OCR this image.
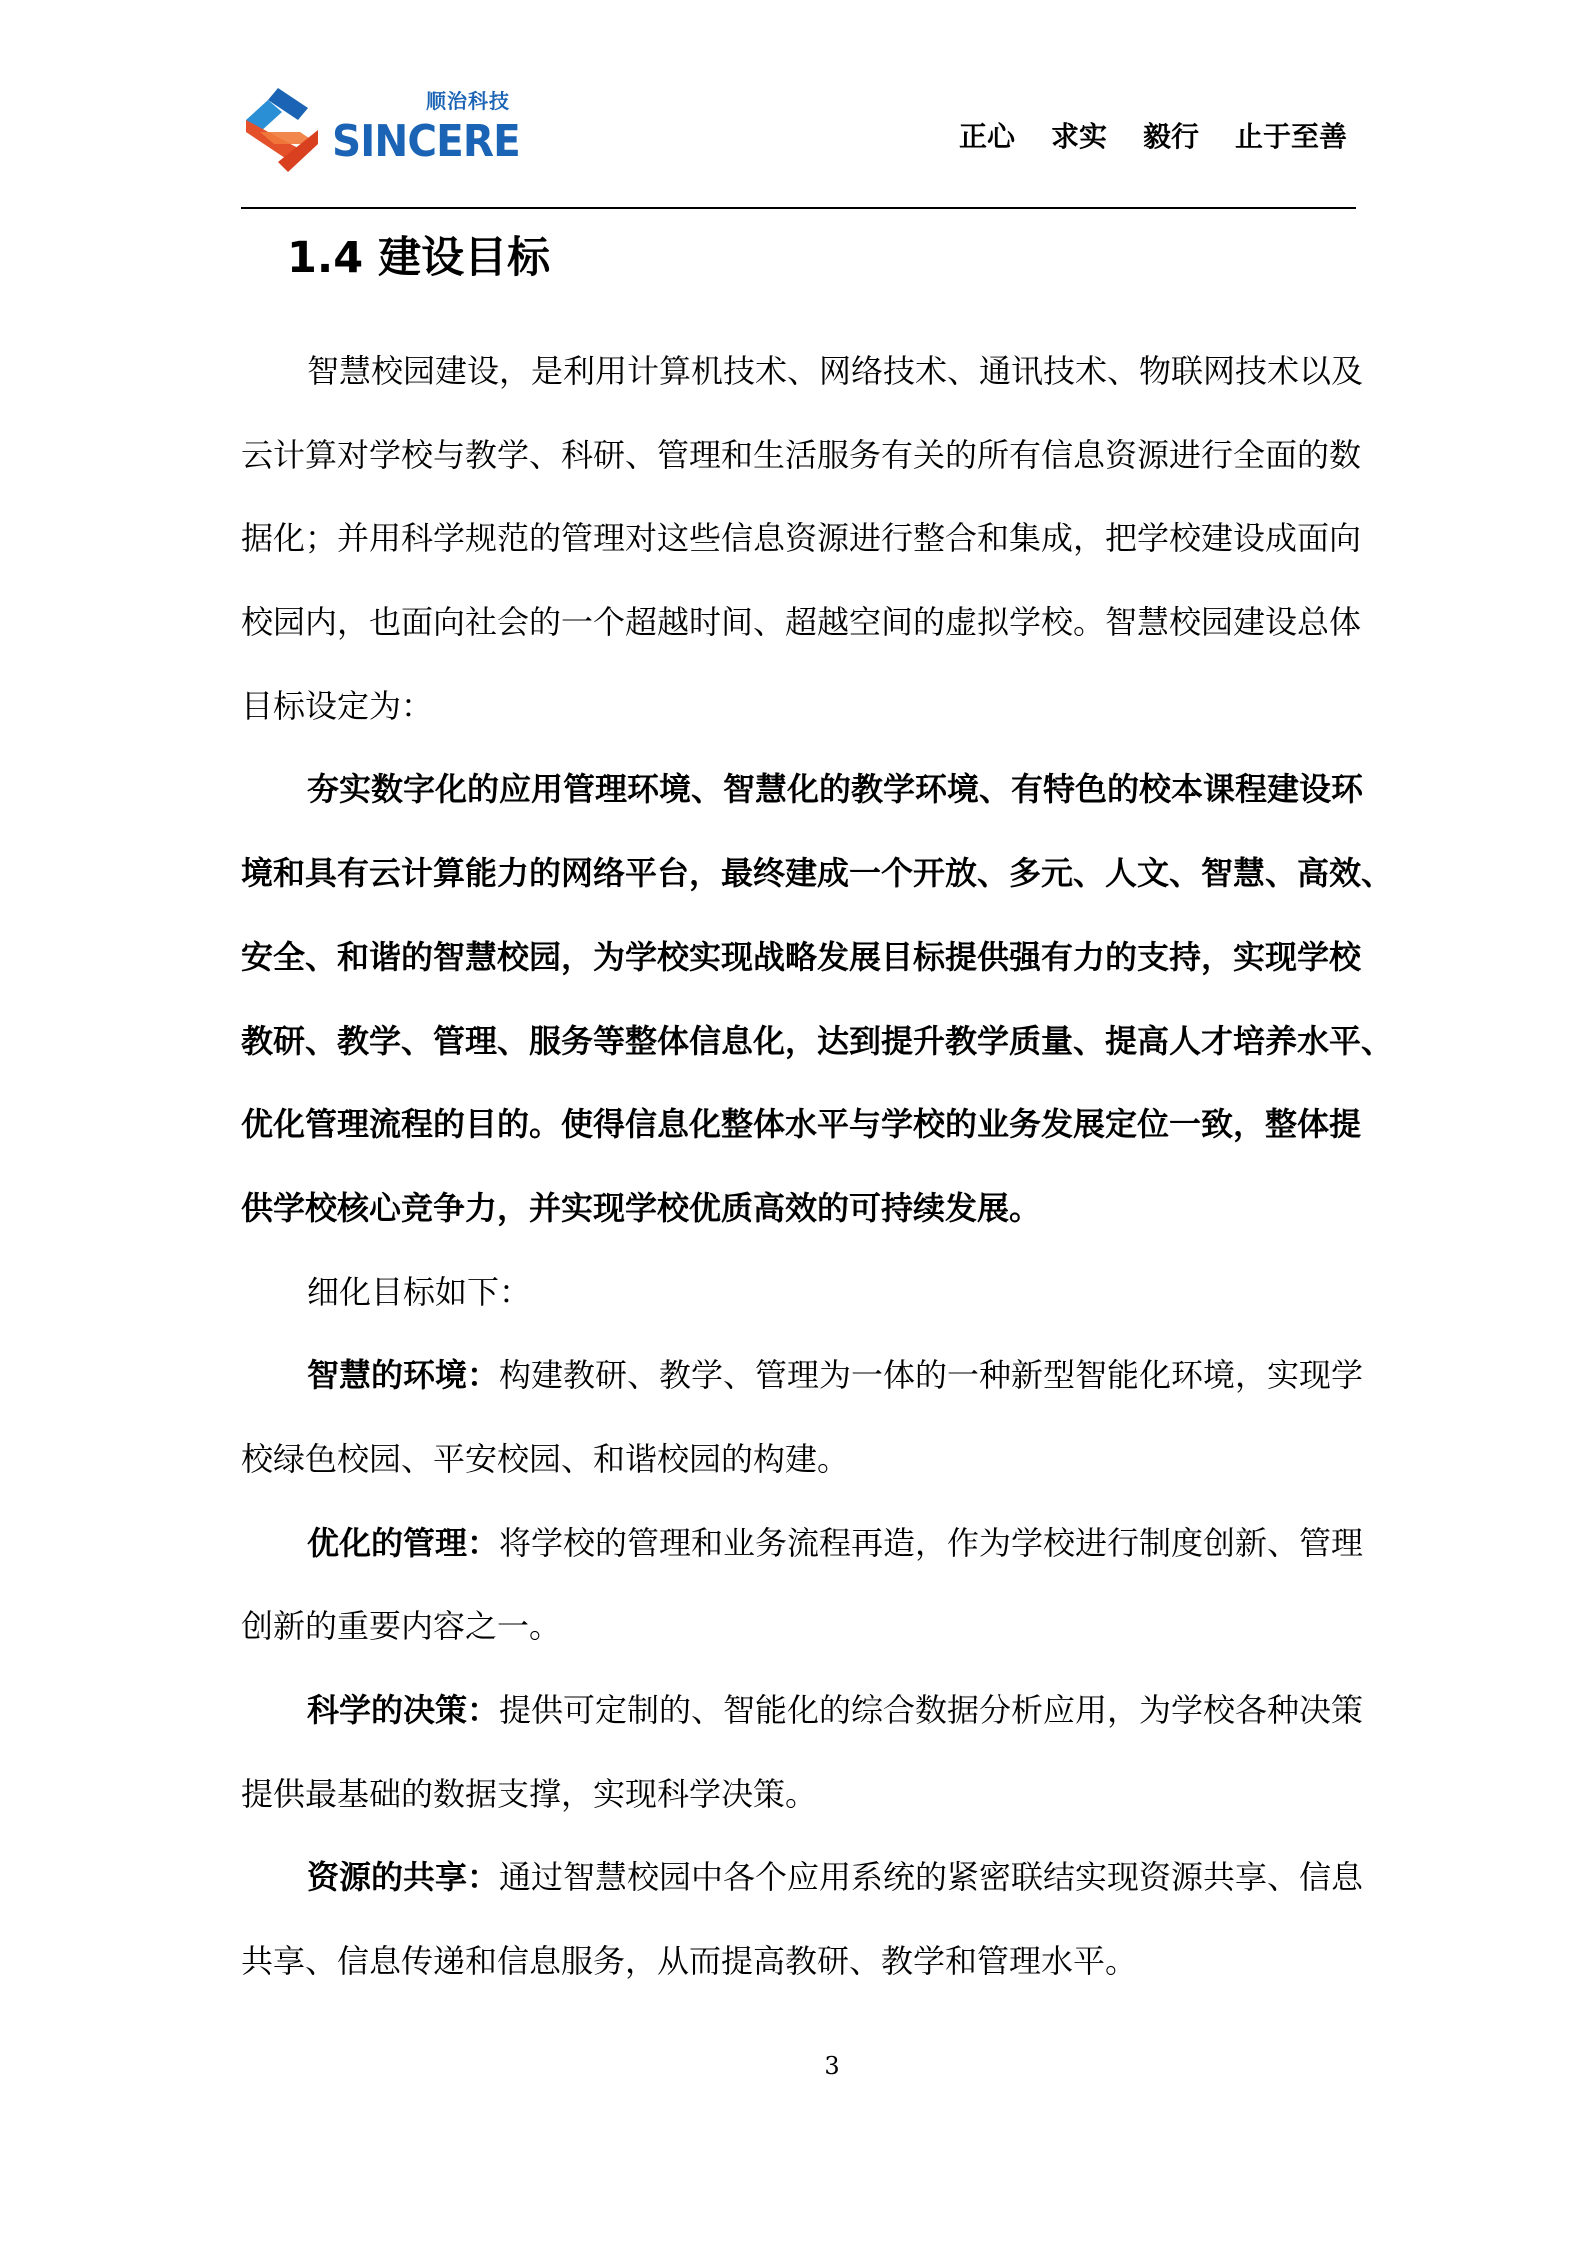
顺治科技
SINCERE	正心 求实 毅行 止于至善
1.4 建设目标
智慧校园建设，是利用计算机技术、网络技术、通讯技术、物联网技术以及
云计算对学校与教学、科研、管理和生活服务有关的所有信息资源进行全面的数
据化；并用科学规范的管理对这些信息资源进行整合和集成，把学校建设成面向
校园内，也面向社会的一个超越时间、超越空间的虚拟学校。智慧校园建设总体
目标设定为：
夯实数字化的应用管理环境、智慧化的教学环境、有特色的校本课程建设环
境和具有云计算能力的网络平台，最终建成一个开放、多元、人文、智慧、高效、
安全、和谐的智慧校园，为学校实现战略发展目标提供强有力的支持，实现学校
教研、教学、管理、服务等整体信息化，达到提升教学质量、提高人才培养水平、
优化管理流程的目的。使得信息化整体水平与学校的业务发展定位一致，整体提
供学校核心竞争力，并实现学校优质高效的可持续发展。
细化目标如下：
智慧的环境：构建教研、教学、管理为一体的一种新型智能化环境，实现学
校绿色校园、平安校园、和谐校园的构建。
优化的管理：将学校的管理和业务流程再造，作为学校进行制度创新、管理
创新的重要内容之一。
科学的决策：提供可定制的、智能化的综合数据分析应用，为学校各种决策
提供最基础的数据支撑，实现科学决策。
资源的共享：通过智慧校园中各个应用系统的紧密联结实现资源共享、信息
共享、信息传递和信息服务，从而提高教研、教学和管理水平。
3
